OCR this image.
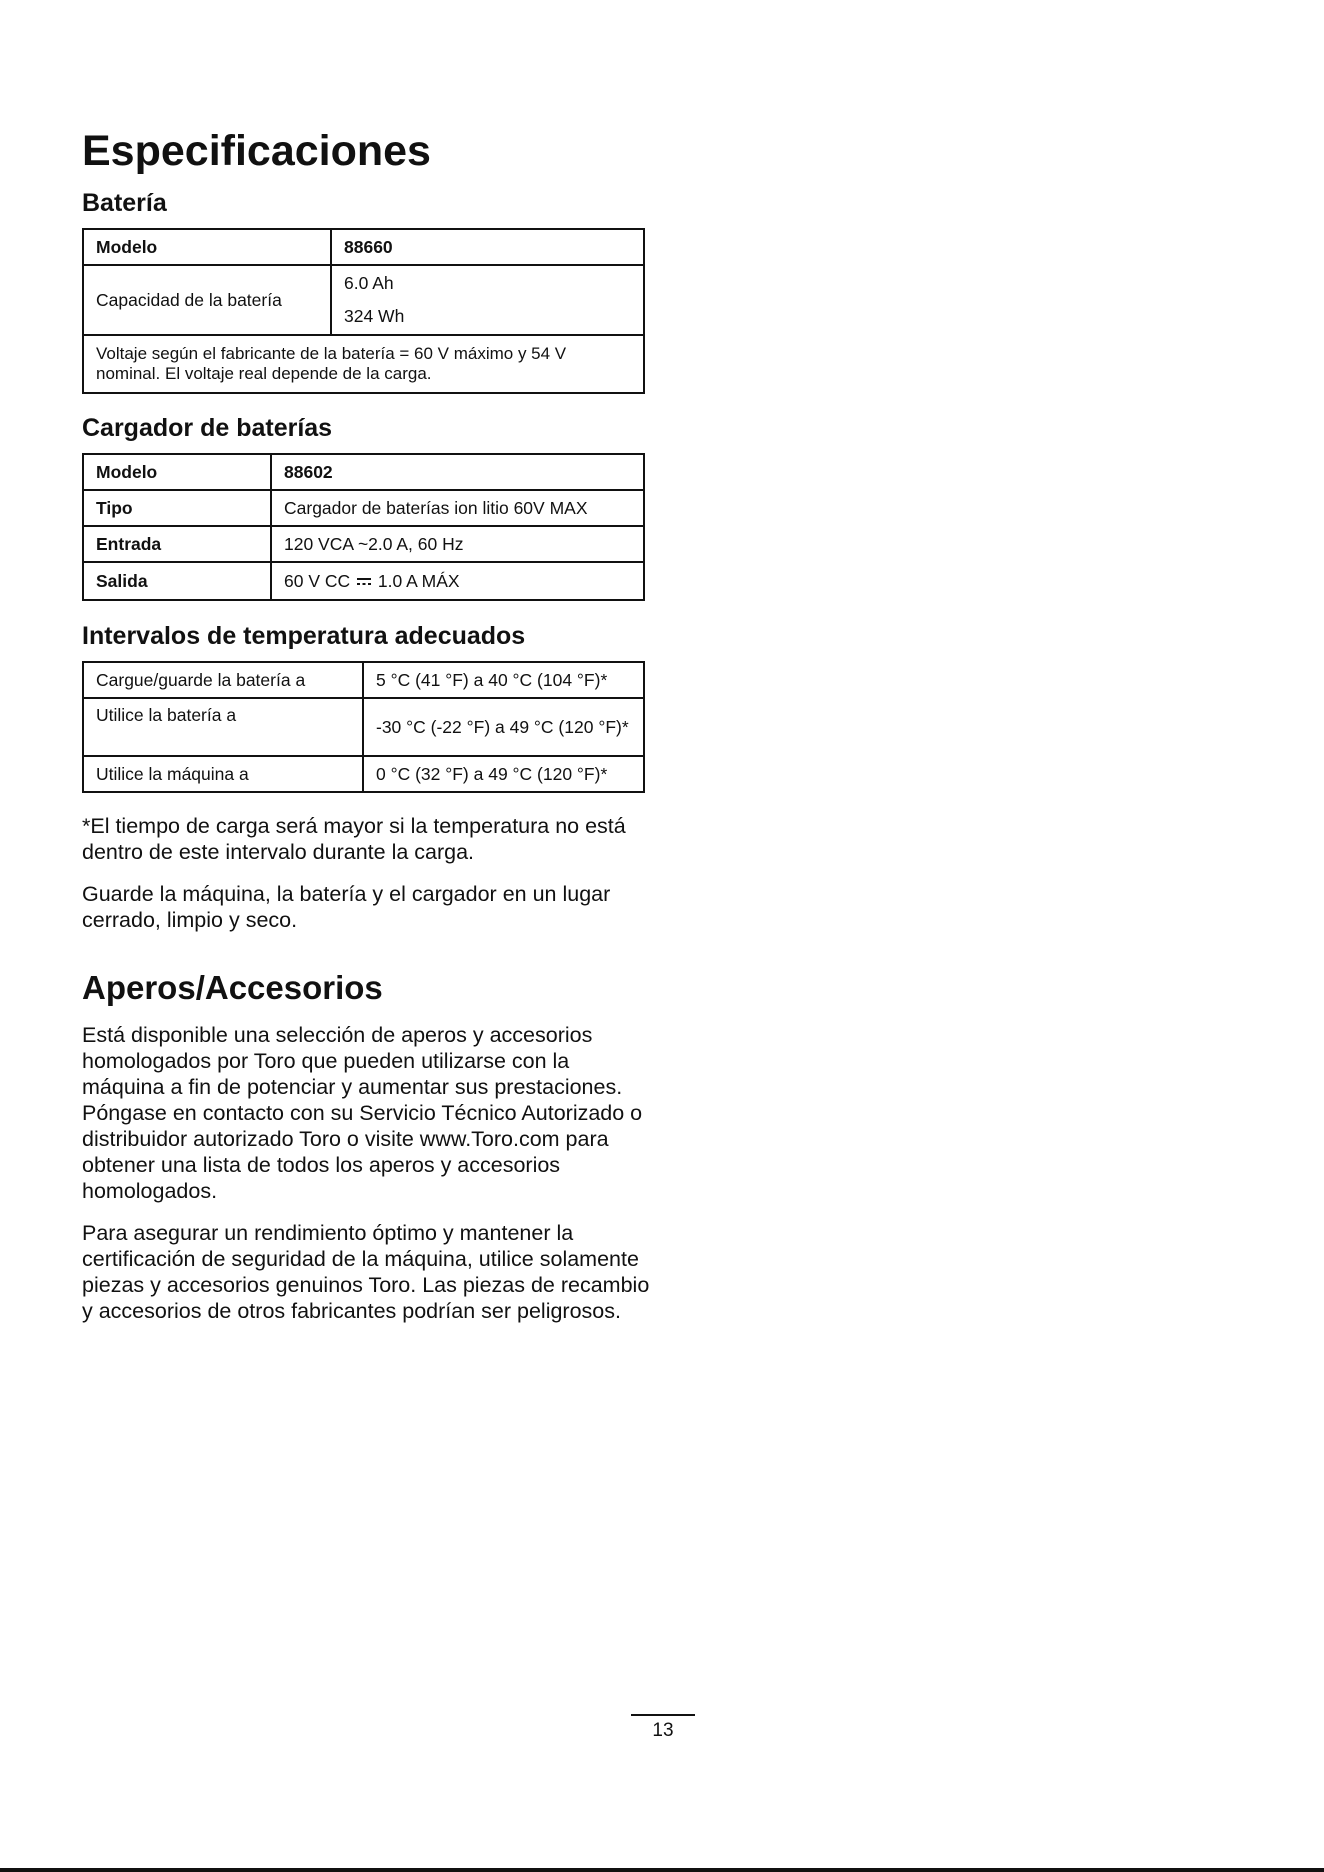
Especificaciones
Batería
Modelo	88660
Capacidad de la batería	6.0 Ah
324 Wh

Voltaje según el fabricante de la batería = 60 V máximo y 54 V nominal. El voltaje real depende de la carga.	
Cargador de baterías
Modelo	88602
Tipo	Cargador de baterías ion litio 60V MAX
Entrada	120 VCA ~2.0 A, 60 Hz
Salida	60 V CC 1.0 A MÁX
Intervalos de temperatura adecuados
Cargue/guarde la batería a	5 °C (41 °F) a 40 °C (104 °F)*
Utilice la batería a	-30 °C (-22 °F) a 49 °C (120 °F)*
Utilice la máquina a	0 °C (32 °F) a 49 °C (120 °F)*

*El tiempo de carga será mayor si la temperatura no está dentro de este intervalo durante la carga.

Guarde la máquina, la batería y el cargador en un lugar cerrado, limpio y seco.

Aperos/Accesorios

Está disponible una selección de aperos y accesorios homologados por Toro que pueden utilizarse con la máquina a fin de potenciar y aumentar sus prestaciones. Póngase en contacto con su Servicio Técnico Autorizado o distribuidor autorizado Toro o visite www.Toro.com para obtener una lista de todos los aperos y accesorios homologados.

Para asegurar un rendimiento óptimo y mantener la certificación de seguridad de la máquina, utilice solamente piezas y accesorios genuinos Toro. Las piezas de recambio y accesorios de otros fabricantes podrían ser peligrosos.

13
